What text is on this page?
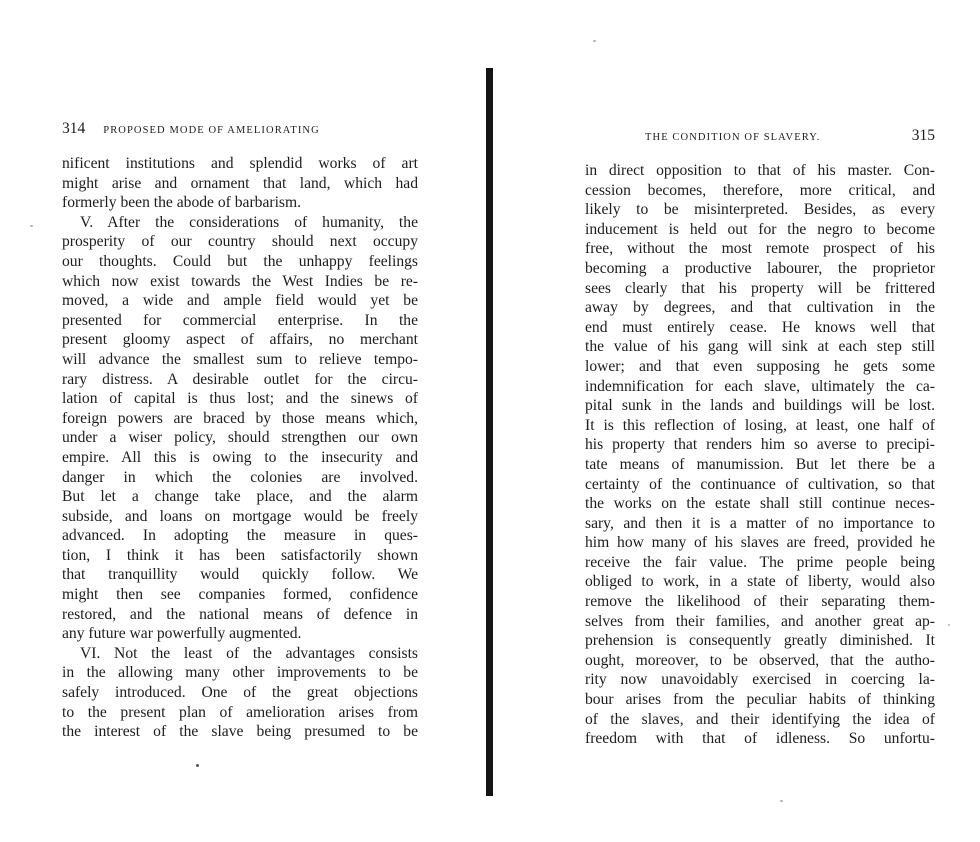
314 PROPOSED MODE OF AMELIORATING
nificent institutions and splendid works of art
might arise and ornament that land, which had
formerly been the abode of barbarism.
V. After the considerations of humanity, the
prosperity of our country should next occupy
our thoughts. Could but the unhappy feelings
which now exist towards the West Indies be re-
moved, a wide and ample field would yet be
presented for commercial enterprise. In the
present gloomy aspect of affairs, no merchant
will advance the smallest sum to relieve tempo-
rary distress. A desirable outlet for the circu-
lation of capital is thus lost; and the sinews of
foreign powers are braced by those means which,
under a wiser policy, should strengthen our own
empire. All this is owing to the insecurity and
danger in which the colonies are involved.
But let a change take place, and the alarm
subside, and loans on mortgage would be freely
advanced. In adopting the measure in ques-
tion, I think it has been satisfactorily shown
that tranquillity would quickly follow. We
might then see companies formed, confidence
restored, and the national means of defence in
any future war powerfully augmented.
VI. Not the least of the advantages consists
in the allowing many other improvements to be
safely introduced. One of the great objections
to the present plan of amelioration arises from
the interest of the slave being presumed to be
THE CONDITION OF SLAVERY.	315
in direct opposition to that of his master. Con-
cession becomes, therefore, more critical, and
likely to be misinterpreted. Besides, as every
inducement is held out for the negro to become
free, without the most remote prospect of his
becoming a productive labourer, the proprietor
sees clearly that his property will be frittered
away by degrees, and that cultivation in the
end must entirely cease. He knows well that
the value of his gang will sink at each step still
lower; and that even supposing he gets some
indemnification for each slave, ultimately the ca-
pital sunk in the lands and buildings will be lost.
It is this reflection of losing, at least, one half of
his property that renders him so averse to precipi-
tate means of manumission. But let there be a
certainty of the continuance of cultivation, so that
the works on the estate shall still continue neces-
sary, and then it is a matter of no importance to
him how many of his slaves are freed, provided he
receive the fair value. The prime people being
obliged to work, in a state of liberty, would also
remove the likelihood of their separating them-
selves from their families, and another great ap-
prehension is consequently greatly diminished. It
ought, moreover, to be observed, that the autho-
rity now unavoidably exercised in coercing la-
bour arises from the peculiar habits of thinking
of the slaves, and their identifying the idea of
freedom with that of idleness. So unfortu-
